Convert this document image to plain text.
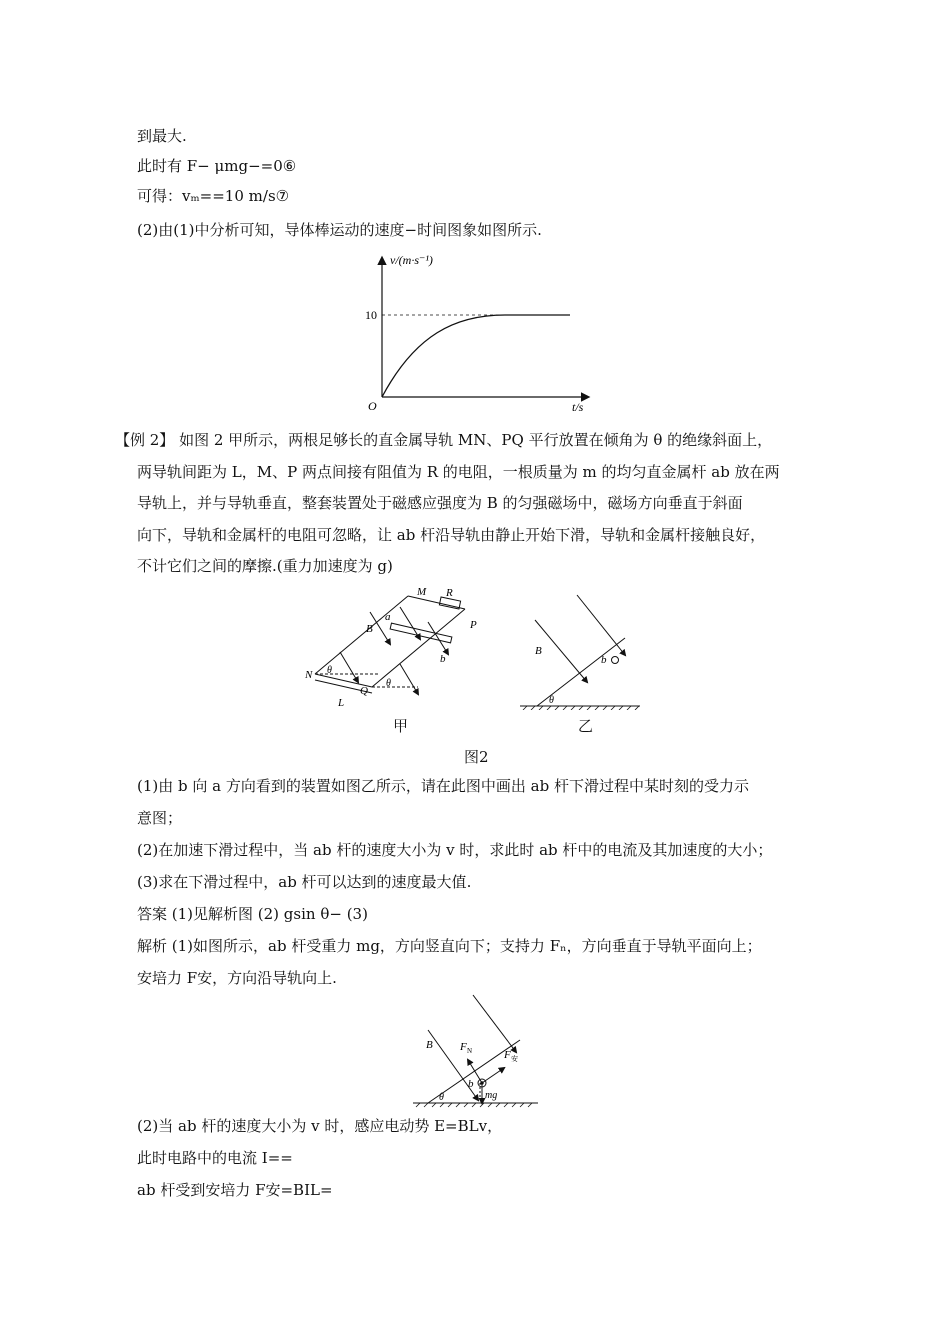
到最大.
此时有 F− μmg−=0⑥
可得：vₘ==10 m/s⑦
(2)由(1)中分析可知，导体棒运动的速度−时间图象如图所示.
v/(m·s⁻¹)
10
O	t/s
【例 2】 如图 2 甲所示，两根足够长的直金属导轨 MN、PQ 平行放置在倾角为 θ 的绝缘斜面上，
两导轨间距为 L，M、P 两点间接有阻值为 R 的电阻，一根质量为 m 的均匀直金属杆 ab 放在两
导轨上，并与导轨垂直，整套装置处于磁感应强度为 B 的匀强磁场中，磁场方向垂直于斜面
向下，导轨和金属杆的电阻可忽略，让 ab 杆沿导轨由静止开始下滑，导轨和金属杆接触良好，
不计它们之间的摩擦.(重力加速度为 g)
M R
P
a
B
b
N
Q
L
θ
θ
甲
B
b
θ
乙
图2
(1)由 b 向 a 方向看到的装置如图乙所示，请在此图中画出 ab 杆下滑过程中某时刻的受力示
意图；
(2)在加速下滑过程中，当 ab 杆的速度大小为 v 时，求此时 ab 杆中的电流及其加速度的大小；
(3)求在下滑过程中，ab 杆可以达到的速度最大值.
答案 (1)见解析图 (2) gsin θ− (3)
解析 (1)如图所示，ab 杆受重力 mg，方向竖直向下；支持力 Fₙ，方向垂直于导轨平面向上；
安培力 F安，方向沿导轨向上.
F N	F 安
B
b
θ	mg
(2)当 ab 杆的速度大小为 v 时，感应电动势 E=BLv，
此时电路中的电流 I==
ab 杆受到安培力 F安=BIL=
